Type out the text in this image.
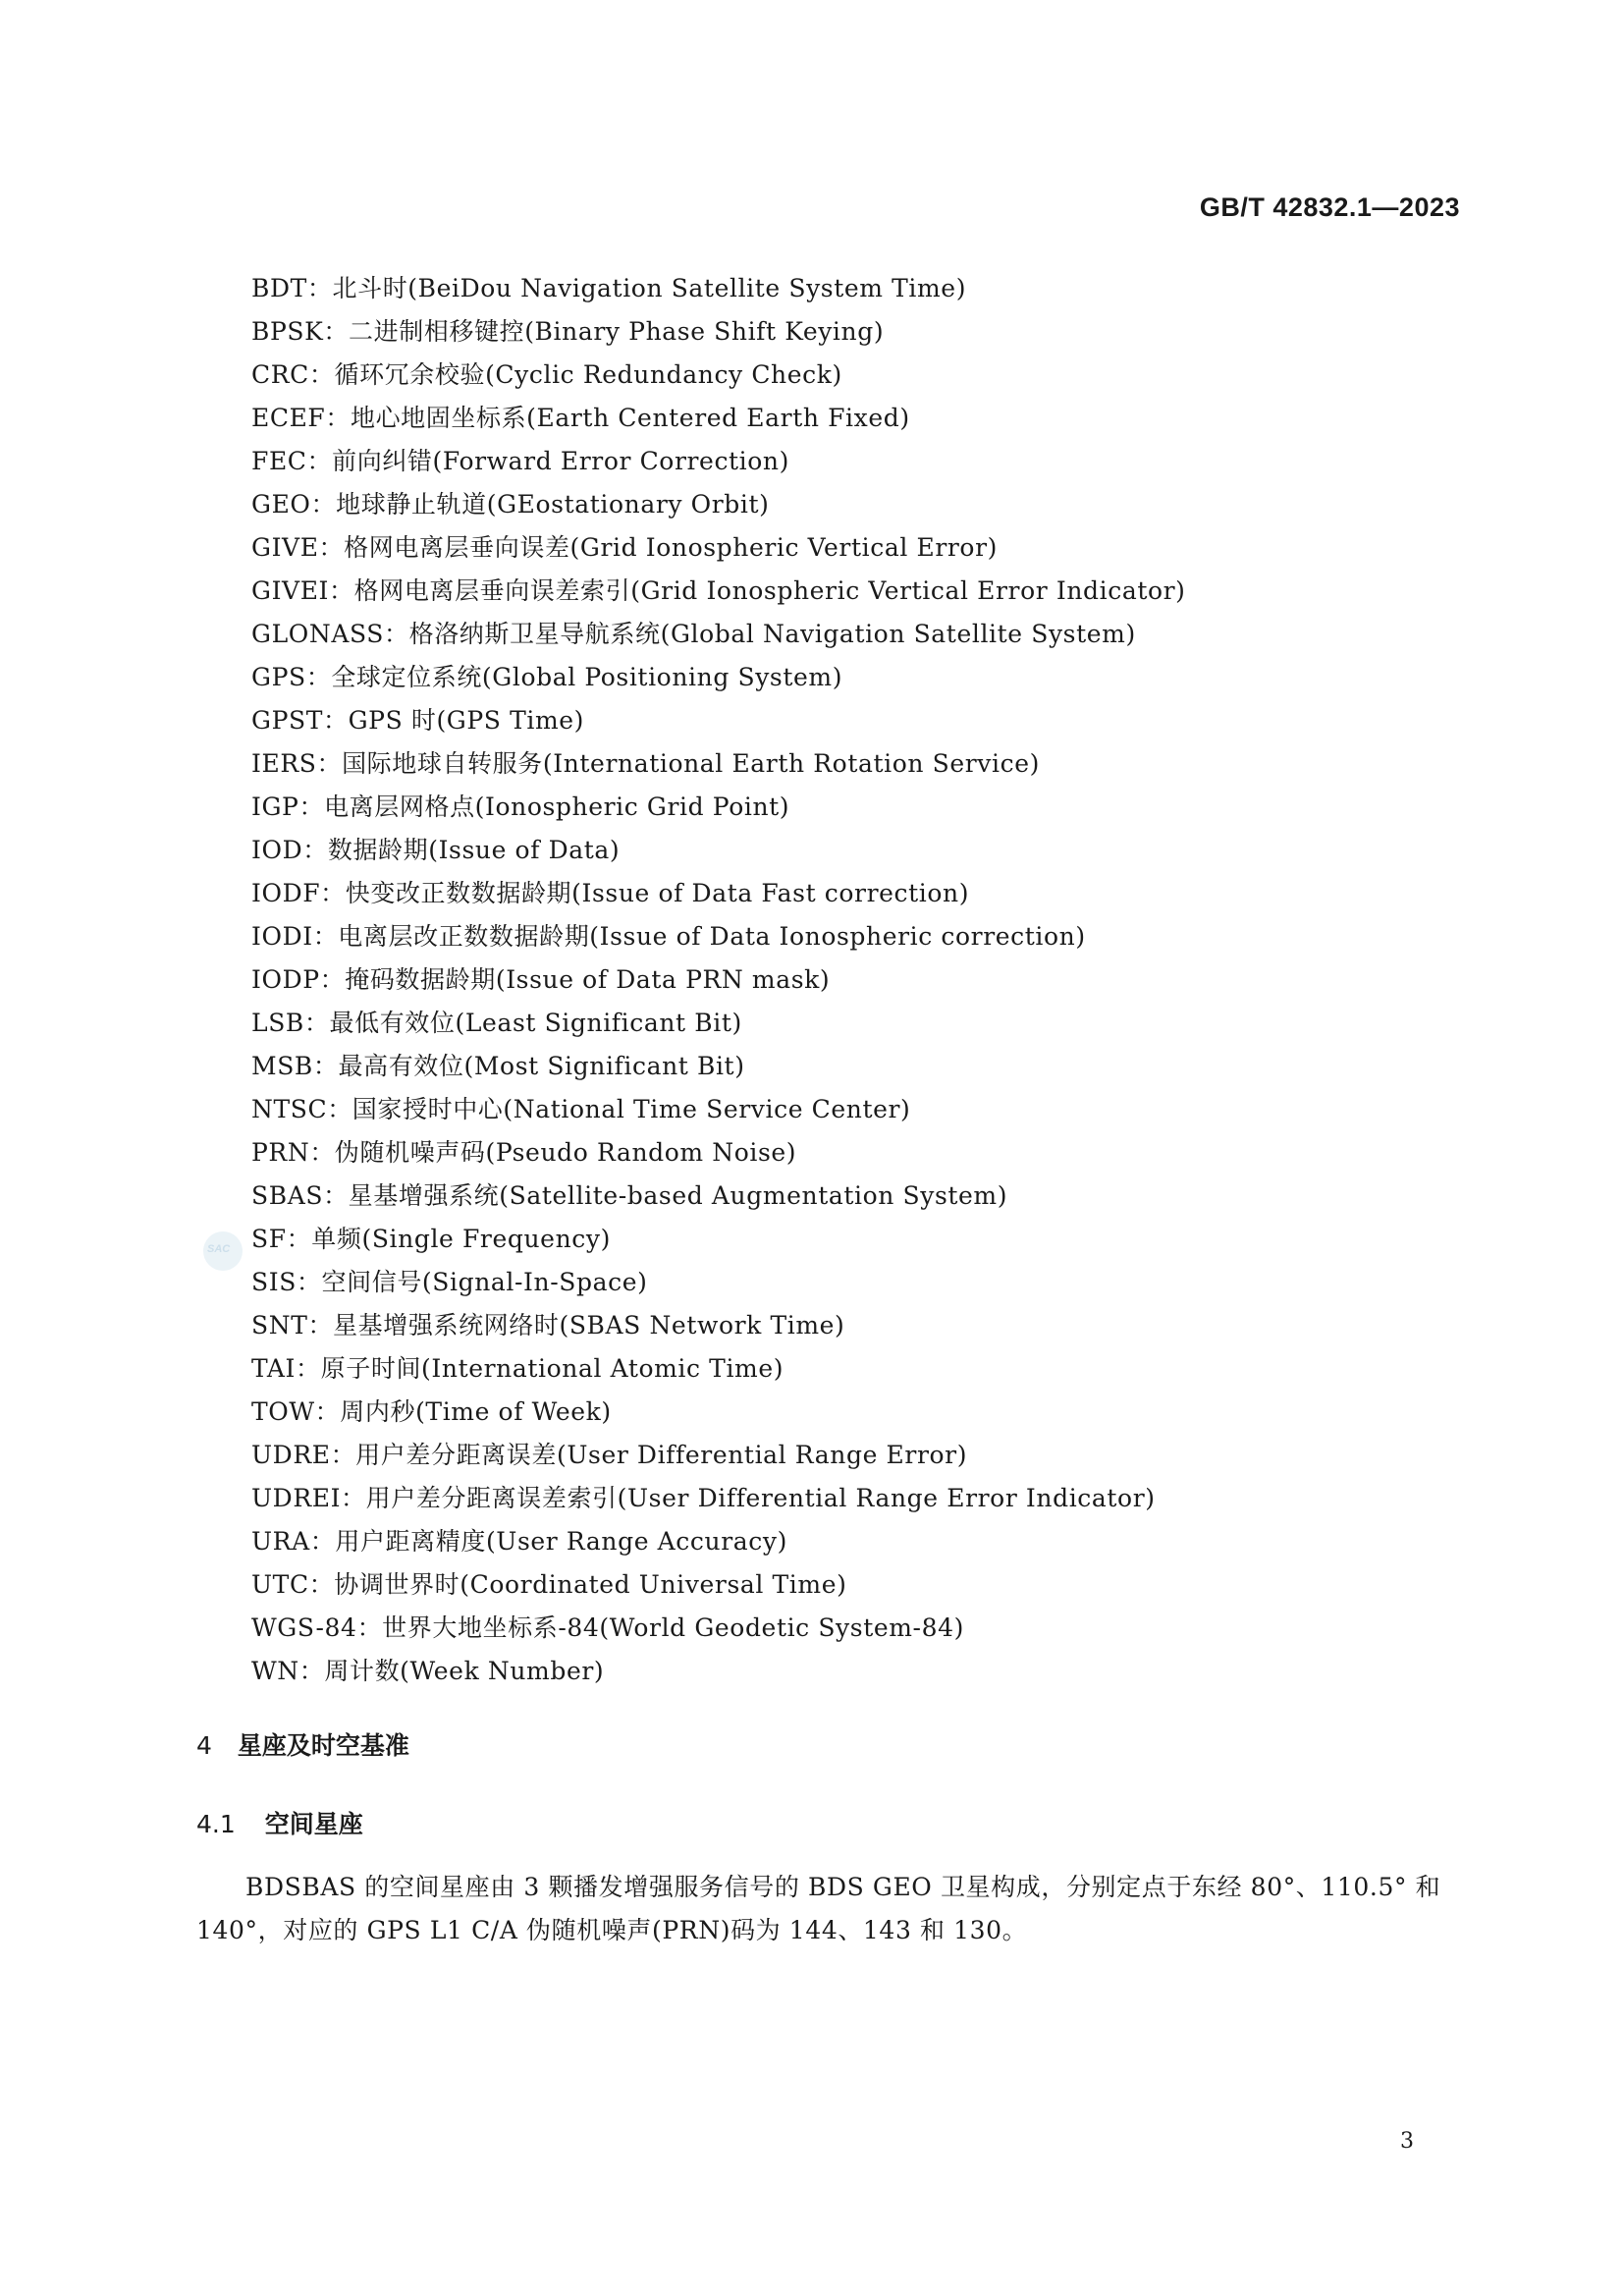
GB/T 42832.1—2023
BDT：北斗时(BeiDou Navigation Satellite System Time)
BPSK：二进制相移键控(Binary Phase Shift Keying)
CRC：循环冗余校验(Cyclic Redundancy Check)
ECEF：地心地固坐标系(Earth Centered Earth Fixed)
FEC：前向纠错(Forward Error Correction)
GEO：地球静止轨道(GEostationary Orbit)
GIVE：格网电离层垂向误差(Grid Ionospheric Vertical Error)
GIVEI：格网电离层垂向误差索引(Grid Ionospheric Vertical Error Indicator)
GLONASS：格洛纳斯卫星导航系统(Global Navigation Satellite System)
GPS：全球定位系统(Global Positioning System)
GPST：GPS 时(GPS Time)
IERS：国际地球自转服务(International Earth Rotation Service)
IGP：电离层网格点(Ionospheric Grid Point)
IOD：数据龄期(Issue of Data)
IODF：快变改正数数据龄期(Issue of Data Fast correction)
IODI：电离层改正数数据龄期(Issue of Data Ionospheric correction)
IODP：掩码数据龄期(Issue of Data PRN mask)
LSB：最低有效位(Least Significant Bit)
MSB：最高有效位(Most Significant Bit)
NTSC：国家授时中心(National Time Service Center)
PRN：伪随机噪声码(Pseudo Random Noise)
SBAS：星基增强系统(Satellite-based Augmentation System)
SF：单频(Single Frequency)
SIS：空间信号(Signal-In-Space)
SNT：星基增强系统网络时(SBAS Network Time)
TAI：原子时间(International Atomic Time)
TOW：周内秒(Time of Week)
UDRE：用户差分距离误差(User Differential Range Error)
UDREI：用户差分距离误差索引(User Differential Range Error Indicator)
URA：用户距离精度(User Range Accuracy)
UTC：协调世界时(Coordinated Universal Time)
WGS-84：世界大地坐标系-84(World Geodetic System-84)
WN：周计数(Week Number)
SAC
4 星座及时空基准
4.1 空间星座

BDSBAS 的空间星座由 3 颗播发增强服务信号的 BDS GEO 卫星构成，分别定点于东经 80°、110.5° 和 140°，对应的 GPS L1 C/A 伪随机噪声(PRN)码为 144、143 和 130。

3
